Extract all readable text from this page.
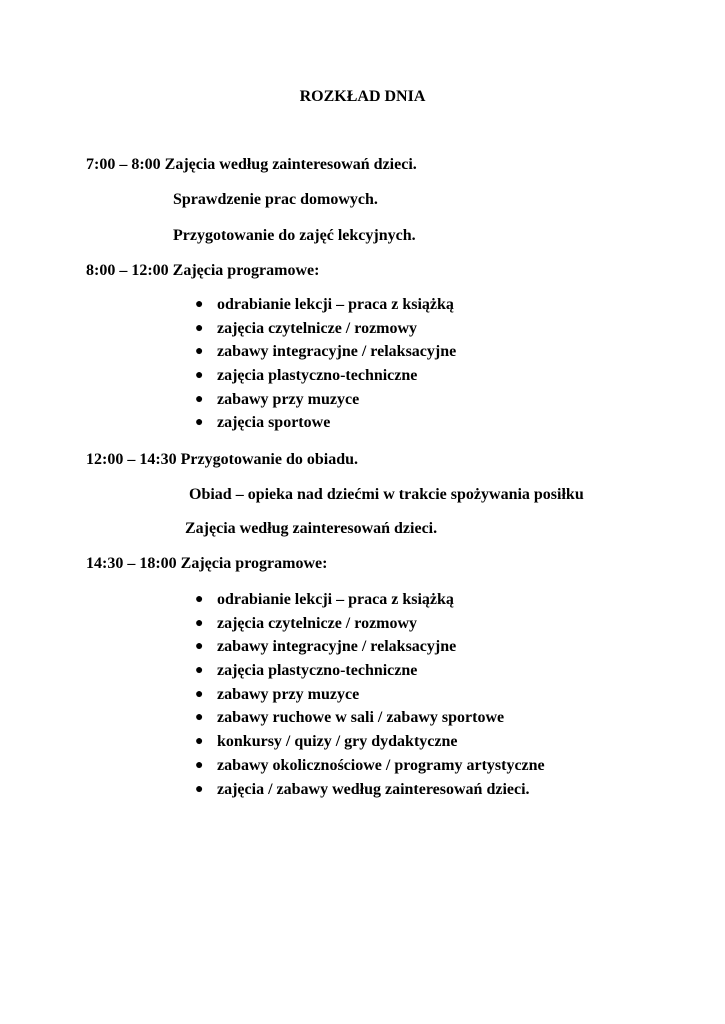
ROZKŁAD DNIA
7:00 – 8:00 Zajęcia według zainteresowań dzieci.
Sprawdzenie prac domowych.
Przygotowanie do zajęć lekcyjnych.
8:00 – 12:00 Zajęcia programowe:
● odrabianie lekcji – praca z książką
● zajęcia czytelnicze / rozmowy
● zabawy integracyjne / relaksacyjne
● zajęcia plastyczno-techniczne
● zabawy przy muzyce
● zajęcia sportowe
12:00 – 14:30 Przygotowanie do obiadu.
Obiad – opieka nad dziećmi w trakcie spożywania posiłku
Zajęcia według zainteresowań dzieci.
14:30 – 18:00 Zajęcia programowe:
● odrabianie lekcji – praca z książką
● zajęcia czytelnicze / rozmowy
● zabawy integracyjne / relaksacyjne
● zajęcia plastyczno-techniczne
● zabawy przy muzyce
● zabawy ruchowe w sali / zabawy sportowe
● konkursy / quizy / gry dydaktyczne
● zabawy okolicznościowe / programy artystyczne
● zajęcia / zabawy według zainteresowań dzieci.
